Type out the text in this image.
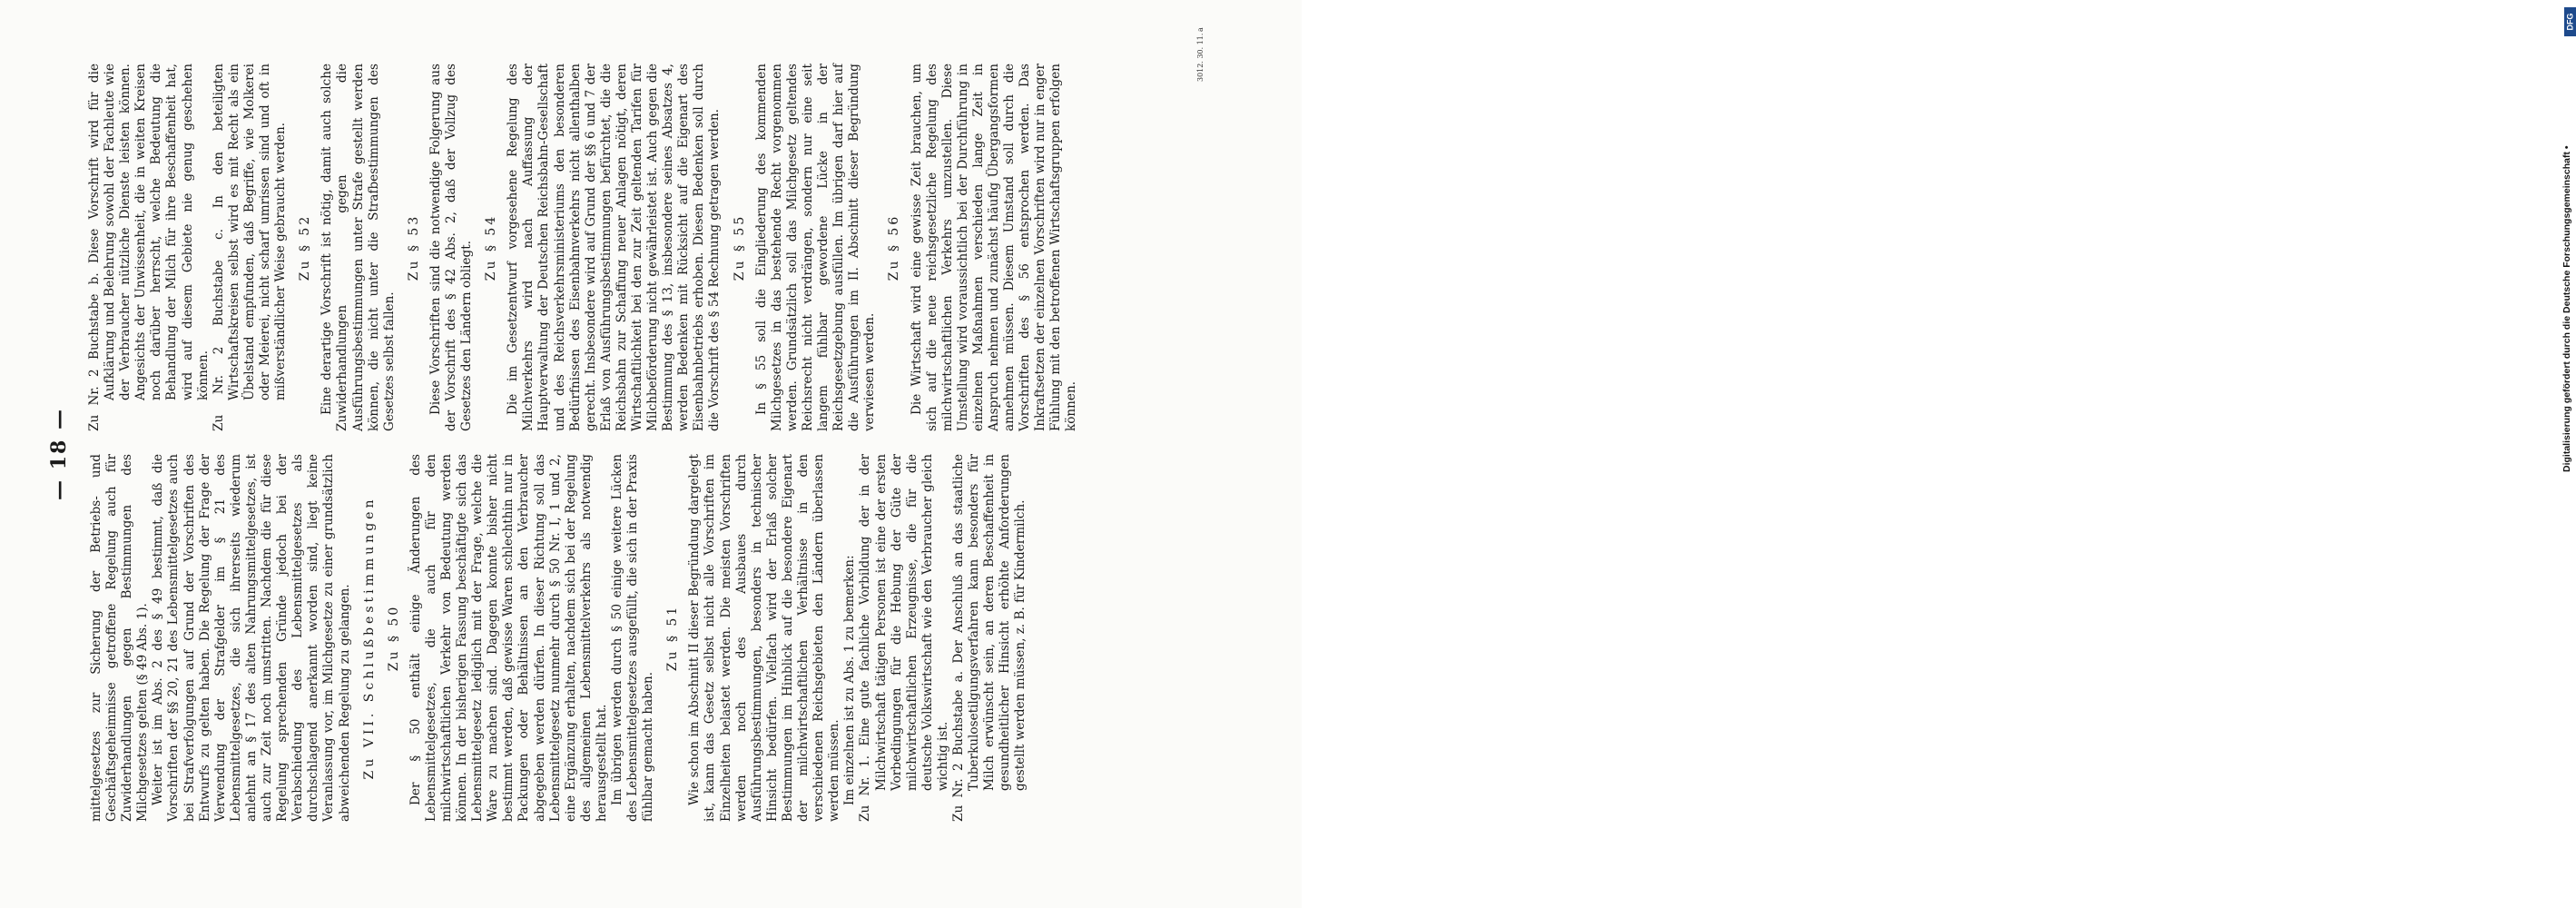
— 18 — mittelgesetzes zur Sicherung der Betriebs- und Geschäftsgeheimnisse getroffene Regelung auch für Zuwiderhandlungen gegen Bestimmungen des Milchgesetzes gelten (§ 49 Abs. 1). Weiter ist im Abs. 2 des § 49 bestimmt, daß die Vorschriften der §§ 20, 21 des Lebensmittelgesetzes auch bei Strafverfolgungen auf Grund der Vorschriften des Entwurfs zu gelten haben. Die Regelung der Frage der Verwendung der Strafgelder im § 21 des Lebensmittelgesetzes, die sich ihrerseits wiederum anlehnt an § 17 des alten Nahrungsmittelgesetzes, ist auch zur Zeit noch umstritten. Nachdem die für diese Regelung sprechenden Gründe jedoch bei der Verabschiedung des Lebensmittelgesetzes als durchschlagend anerkannt worden sind, liegt keine Veranlassung vor, im Milchgesetze zu einer grundsätzlich abweichenden Regelung zu gelangen. Zu VII. Schlußbestimmungen Zu § 50 Der § 50 enthält einige Änderungen des Lebensmittelgesetzes, die auch für den milchwirtschaftlichen Verkehr von Bedeutung werden können. In der bisherigen Fassung beschäftigte sich das Lebensmittelgesetz lediglich mit der Frage, welche die Ware zu machen sind. Dagegen konnte bisher nicht bestimmt werden, daß gewisse Waren schlechthin nur in Packungen oder Behältnissen an den Verbraucher abgegeben werden dürfen. In dieser Richtung soll das Lebensmittelgesetz nunmehr durch § 50 Nr. I, 1 und 2, eine Ergänzung erhalten, nachdem sich bei der Regelung des allgemeinen Lebensmittelverkehrs als notwendig herausgestellt hat. Im übrigen werden durch § 50 einige weitere Lücken des Lebensmittelgesetzes ausgefüllt, die sich in der Praxis fühlbar gemacht haben.

Zu § 51 Wie schon im Abschnitt II dieser Begründung dargelegt ist, kann das Gesetz selbst nicht alle Vorschriften im Einzelheiten belastet werden. Die meisten Vorschriften werden noch des Ausbaues durch Ausführungsbestimmungen, besonders in technischer Hinsicht bedürfen. Vielfach wird der Erlaß solcher Bestimmungen im Hinblick auf die besondere Eigenart der milchwirtschaftlichen Verhältnisse in den verschiedenen Reichsgebieten den Ländern überlassen werden müssen. Im einzelnen ist zu Abs. 1 zu bemerken: Zu Nr. 1. Eine gute fachliche Vorbildung der in der Milchwirtschaft tätigen Personen ist eine der ersten Vorbedingungen für die Hebung der Güte der milchwirtschaftlichen Erzeugnisse, die für die deutsche Volkswirtschaft wie den Verbraucher gleich wichtig ist. Zu Nr. 2 Buchstabe a. Der Anschluß an das staatliche Tuberkulosetilgungsverfahren kann besonders für Milch erwünscht sein, an deren Beschaffenheit in gesundheitlicher Hinsicht erhöhte Anforderungen gestellt werden müssen, z. B. für Kindermilch.

Zu Nr. 2 Buchstabe b. Diese Vorschrift wird für die Aufklärung und Belehrung sowohl der Fachleute wie der Verbraucher nützliche Dienste leisten können. Angesichts der Unwissenheit, die in weiten Kreisen noch darüber herrscht, welche Bedeutung die Behandlung der Milch für ihre Beschaffenheit hat, wird auf diesem Gebiete nie genug geschehen können. Zu Nr. 2 Buchstabe c. In den beteiligten Wirtschaftskreisen selbst wird es mit Recht als ein Übelstand empfunden, daß Begriffe, wie Molkerei oder Meierei, nicht scharf umrissen sind und oft in mißverständlicher Weise gebraucht werden. Zu § 52 Eine derartige Vorschrift ist nötig, damit auch solche Zuwiderhandlungen gegen die Ausführungsbestimmungen unter Strafe gestellt werden können, die nicht unter die Strafbestimmungen des Gesetzes selbst fallen.

Zu § 53 Diese Vorschriften sind die notwendige Folgerung aus der Vorschrift des § 42 Abs. 2, daß der Vollzug des Gesetzes den Ländern obliegt. Zu § 54 Die im Gesetzentwurf vorgesehene Regelung des Milchverkehrs wird nach Auffassung der Hauptverwaltung der Deutschen Reichsbahn-Gesellschaft und des Reichsverkehrsministeriums den besonderen Bedürfnissen des Eisenbahnverkehrs nicht allenthalben gerecht. Insbesondere wird auf Grund der §§ 6 und 7 der Erlaß von Ausführungsbestimmungen befürchtet, die die Reichsbahn zur Schaffung neuer Anlagen nötigt, deren Wirtschaftlichkeit bei den zur Zeit geltenden Tarifen für Milchbeförderung nicht gewährleistet ist. Auch gegen die Bestimmung des § 13, insbesondere seines Absatzes 4, werden Bedenken mit Rücksicht auf die Eigenart des Eisenbahnbetriebs erhoben. Diesen Bedenken soll durch die Vorschrift des § 54 Rechnung getragen werden. Zu § 55 In § 55 soll die Eingliederung des kommenden Milchgesetzes in das bestehende Recht vorgenommen werden. Grundsätzlich soll das Milchgesetz geltendes Reichsrecht nicht verdrängen, sondern nur eine seit langem fühlbar gewordene Lücke in der Reichsgesetzgebung ausfüllen. Im übrigen darf hier auf die Ausführungen im II. Abschnitt dieser Begründung verwiesen werden.

Zu § 56 Die Wirtschaft wird eine gewisse Zeit brauchen, um sich auf die neue reichsgesetzliche Regelung des milchwirtschaftlichen Verkehrs umzustellen. Diese Umstellung wird voraussichtlich bei der Durchführung in einzelnen Maßnahmen verschieden lange Zeit in Anspruch nehmen und zunächst häufig Übergangsformen annehmen müssen. Diesem Umstand soll durch die Vorschriften des § 56 entsprochen werden. Das Inkraftsetzen der einzelnen Vorschriften wird nur in enger Fühlung mit den betroffenen Wirtschaftsgruppen erfolgen können.

3012. 30. 11. a
DFG
Digitalisierung gefördert durch die Deutsche Forschungsgemeinschaft •
